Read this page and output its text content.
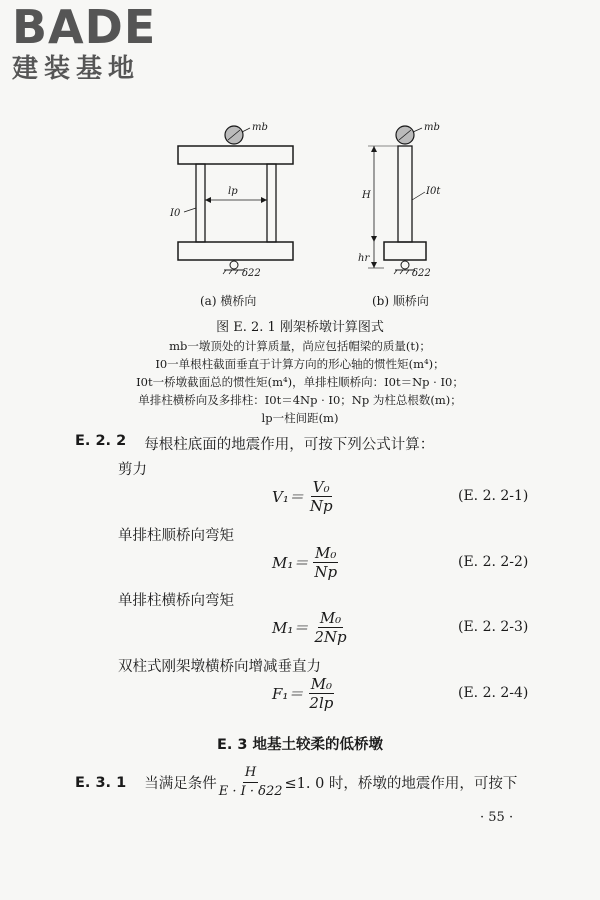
BADE
建装基地
mb
lp
I0
δ22
mb
H
hr
I0t
δ22
(a) 横桥向	(b) 顺桥向
图 E. 2. 1 刚架桥墩计算图式
mb一墩顶处的计算质量，尚应包括帽梁的质量(t)；
I0一单根柱截面垂直于计算方向的形心轴的惯性矩(m⁴)；
I0t一桥墩截面总的惯性矩(m⁴)，单排柱顺桥向：I0t＝Np · I0；
单排柱横桥向及多排柱：I0t＝4Np · I0；Np 为柱总根数(m)；
lp一柱间距(m)
E. 2. 2 每根柱底面的地震作用，可按下列公式计算：
剪力
$V_1= \frac{\text{V₀}}{Np}$	(E. 2. 2-1)
单排柱顺桥向弯矩
$M_1= \frac{\text{M₀}}{Np}$	(E. 2. 2-2)
单排柱横桥向弯矩
$M_1= \frac{\text{M₀}}{2Np}$	(E. 2. 2-3)
双柱式刚架墩横桥向增减垂直力
$F_1= \frac{\text{M₀}}{2lp}$	(E. 2. 2-4)
E. 3 地基土较柔的低桥墩
E. 3. 1 当满足条件 $\frac{H}{E \cdot I \cdot \delta 22} \le 1$. 0 时，桥墩的地震作用，可按下
· 55 ·
